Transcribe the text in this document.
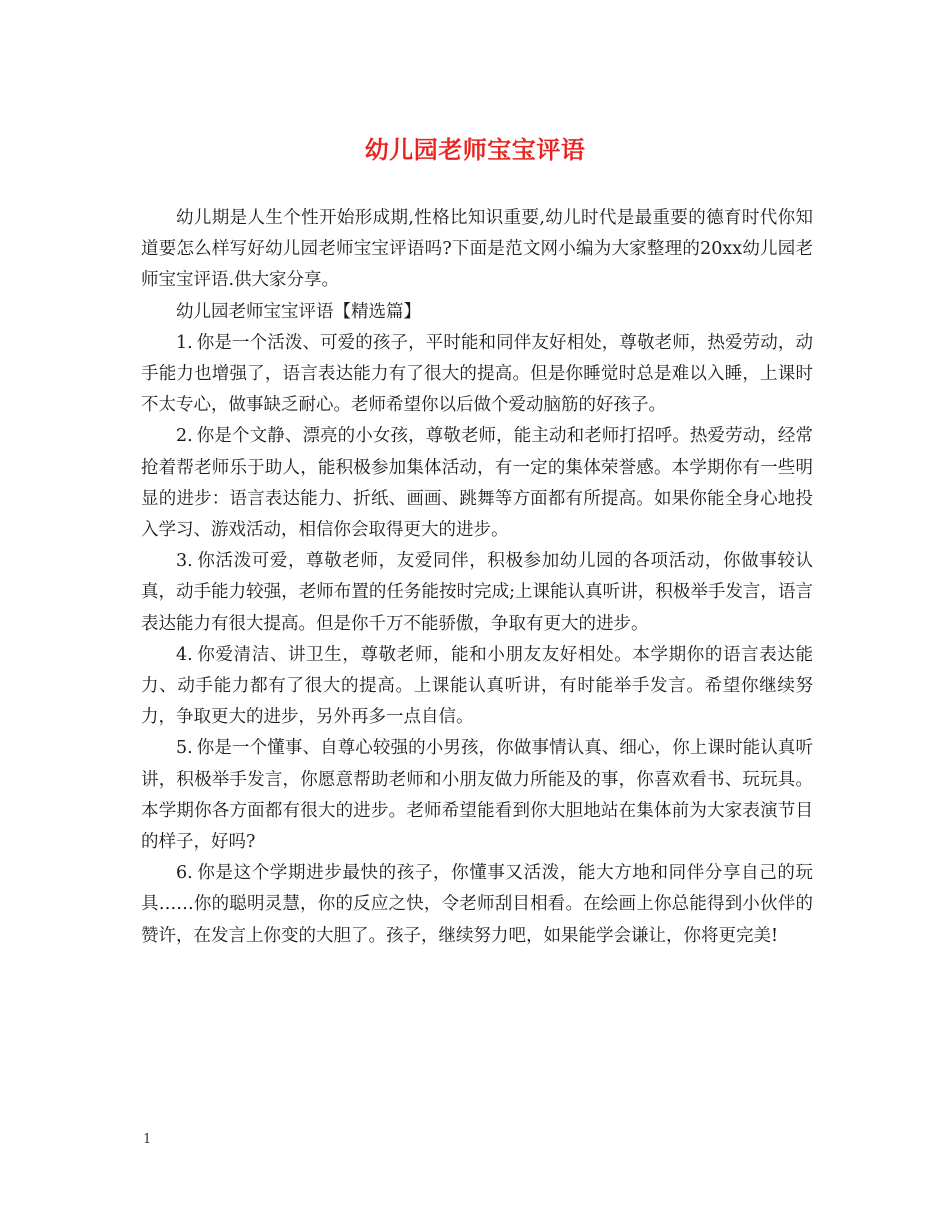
幼儿园老师宝宝评语

幼儿期是人生个性开始形成期,性格比知识重要,幼儿时代是最重要的德育时代你知道要怎么样写好幼儿园老师宝宝评语吗?下面是范文网小编为大家整理的20xx幼儿园老师宝宝评语.供大家分享。

幼儿园老师宝宝评语【精选篇】

1. 你是一个活泼、可爱的孩子，平时能和同伴友好相处，尊敬老师，热爱劳动，动手能力也增强了，语言表达能力有了很大的提高。但是你睡觉时总是难以入睡，上课时不太专心，做事缺乏耐心。老师希望你以后做个爱动脑筋的好孩子。

2. 你是个文静、漂亮的小女孩，尊敬老师，能主动和老师打招呼。热爱劳动，经常抢着帮老师乐于助人，能积极参加集体活动，有一定的集体荣誉感。本学期你有一些明显的进步：语言表达能力、折纸、画画、跳舞等方面都有所提高。如果你能全身心地投入学习、游戏活动，相信你会取得更大的进步。

3. 你活泼可爱，尊敬老师，友爱同伴，积极参加幼儿园的各项活动，你做事较认真，动手能力较强，老师布置的任务能按时完成;上课能认真听讲，积极举手发言，语言表达能力有很大提高。但是你千万不能骄傲，争取有更大的进步。

4. 你爱清洁、讲卫生，尊敬老师，能和小朋友友好相处。本学期你的语言表达能力、动手能力都有了很大的提高。上课能认真听讲，有时能举手发言。希望你继续努力，争取更大的进步，另外再多一点自信。

5. 你是一个懂事、自尊心较强的小男孩，你做事情认真、细心，你上课时能认真听讲，积极举手发言，你愿意帮助老师和小朋友做力所能及的事，你喜欢看书、玩玩具。本学期你各方面都有很大的进步。老师希望能看到你大胆地站在集体前为大家表演节目的样子，好吗?

6. 你是这个学期进步最快的孩子，你懂事又活泼，能大方地和同伴分享自己的玩具……你的聪明灵慧，你的反应之快，令老师刮目相看。在绘画上你总能得到小伙伴的赞许，在发言上你变的大胆了。孩子，继续努力吧，如果能学会谦让，你将更完美!

1
